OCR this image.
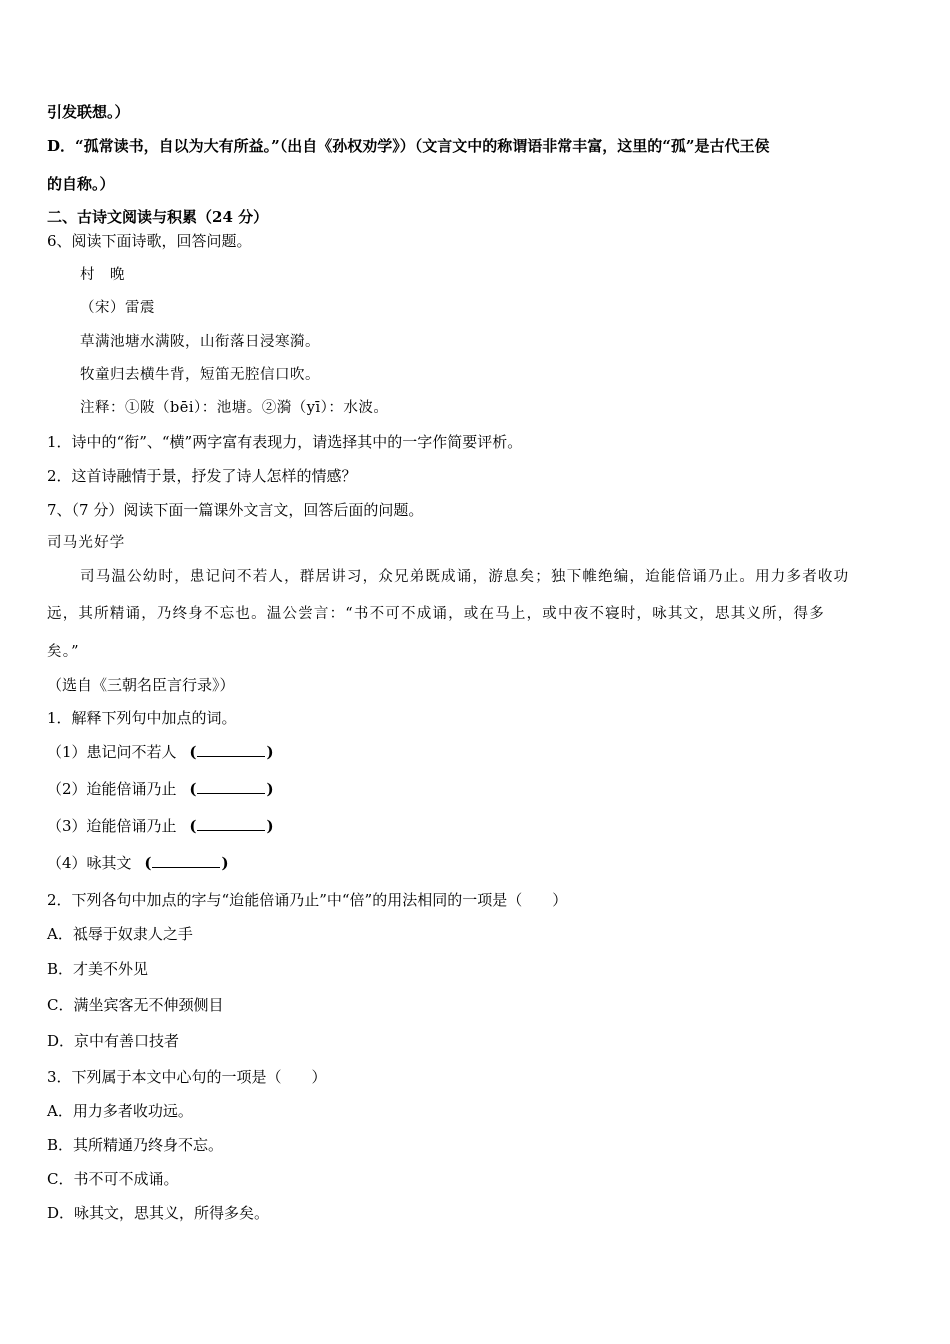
引发联想。）
D．“孤常读书，自以为大有所益。”（出自《孙权劝学》）（文言文中的称谓语非常丰富，这里的“孤”是古代王侯
的自称。）
二、古诗文阅读与积累（24 分）
6、阅读下面诗歌，回答问题。
村　晚
（宋）雷震
草满池塘水满陂，山衔落日浸寒漪。
牧童归去横牛背，短笛无腔信口吹。
注释：①陂（bēi）：池塘。②漪（yī）：水波。
1．诗中的“衔”、“横”两字富有表现力，请选择其中的一字作简要评析。
2．这首诗融情于景，抒发了诗人怎样的情感？
7、（7 分）阅读下面一篇课外文言文，回答后面的问题。
司马光好学
司马温公幼时，患记问不若人，群居讲习，众兄弟既成诵，游息矣；独下帷绝编，迨能倍诵乃止。用力多者收功
远，其所精诵，乃终身不忘也。温公尝言：“书不可不成诵，或在马上，或中夜不寝时，咏其文，思其义所，得多
矣。”
（选自《三朝名臣言行录》）
1．解释下列句中加点的词。
（1）患记问不若人 (	)
（2）迨能倍诵乃止 (	)
（3）迨能倍诵乃止 (	)
（4）咏其文 (	)
2．下列各句中加点的字与“迨能倍诵乃止”中“倍”的用法相同的一项是（　　）
A．祗辱于奴隶人之手
B．才美不外见
C．满坐宾客无不伸颈侧目
D．京中有善口技者
3．下列属于本文中心句的一项是（　　）
A．用力多者收功远。
B．其所精通乃终身不忘。
C．书不可不成诵。
D．咏其文，思其义，所得多矣。
